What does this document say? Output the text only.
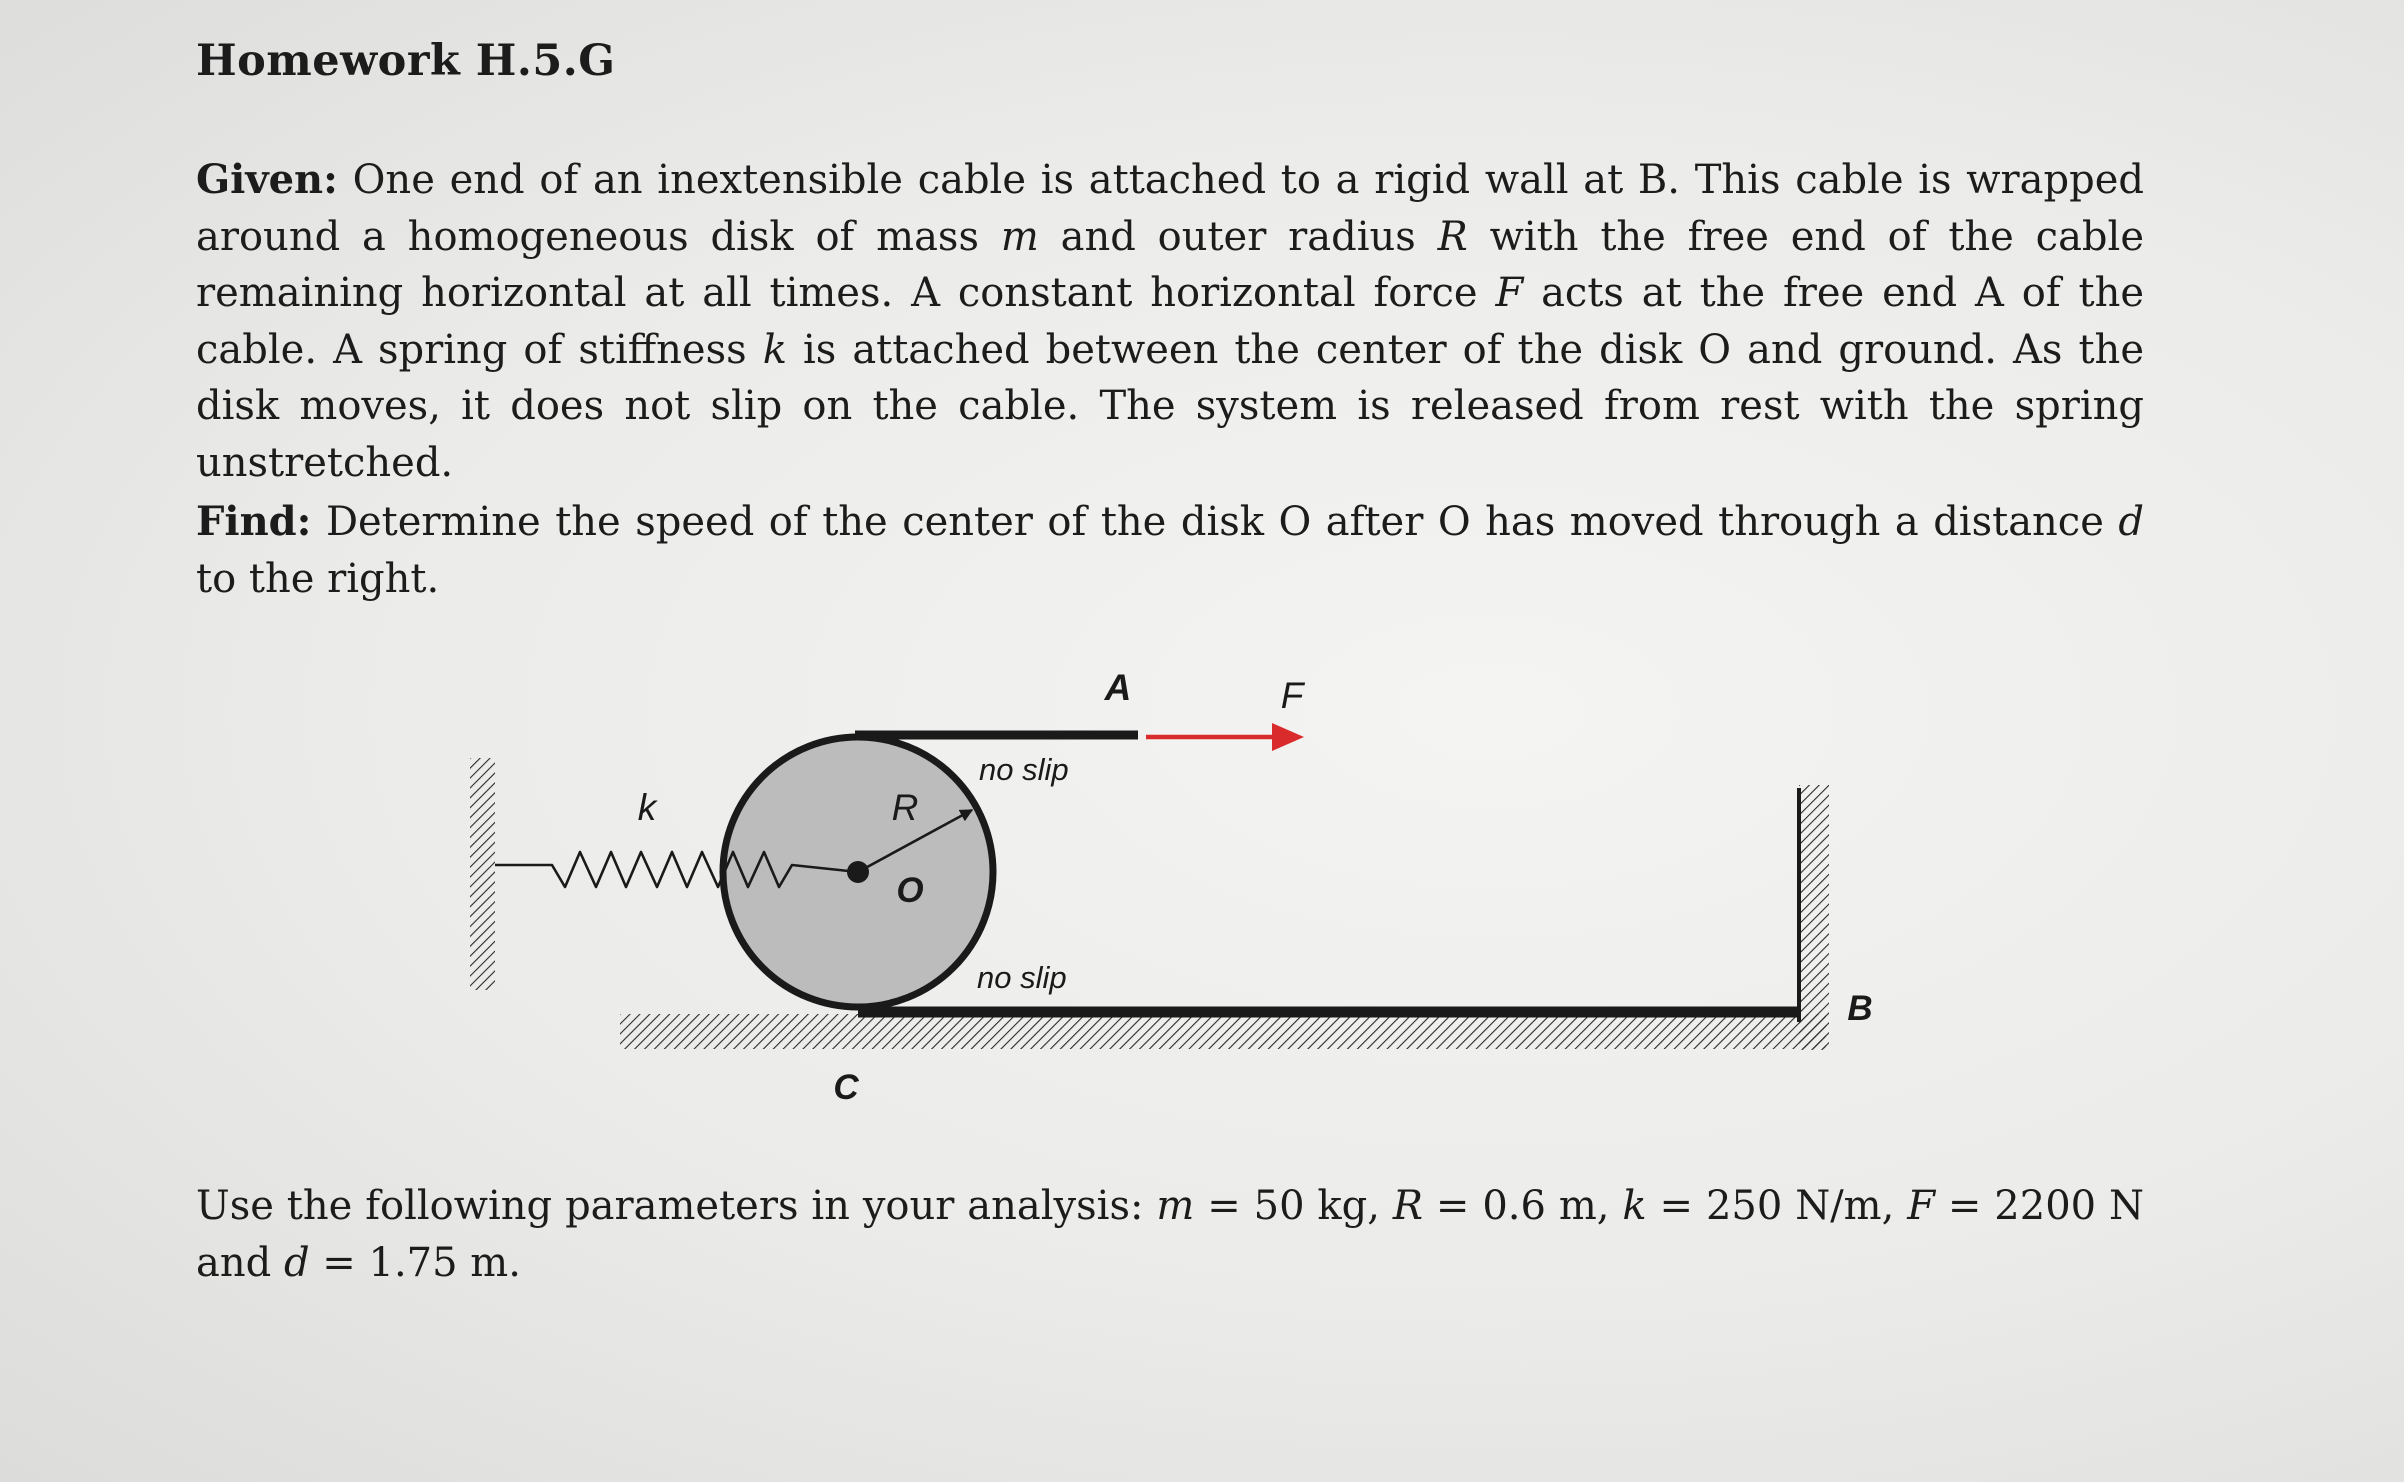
Homework H.5.G
Given: One end of an inextensible cable is attached to a rigid wall at B. This cable is wrapped around a homogeneous disk of mass m and outer radius R with the free end of the cable remaining horizontal at all times. A constant horizontal force F acts at the free end A of the cable. A spring of stiffness k is attached between the center of the disk O and ground. As the disk moves, it does not slip on the cable. The system is released from rest with the spring unstretched.
Find: Determine the speed of the center of the disk O after O has moved through a distance d to the right.
k	R
O
A	F
B
C
no slip
no slip
Use the following parameters in your analysis: m = 50 kg, R = 0.6 m, k = 250 N/m, F = 2200 N and d = 1.75 m.
